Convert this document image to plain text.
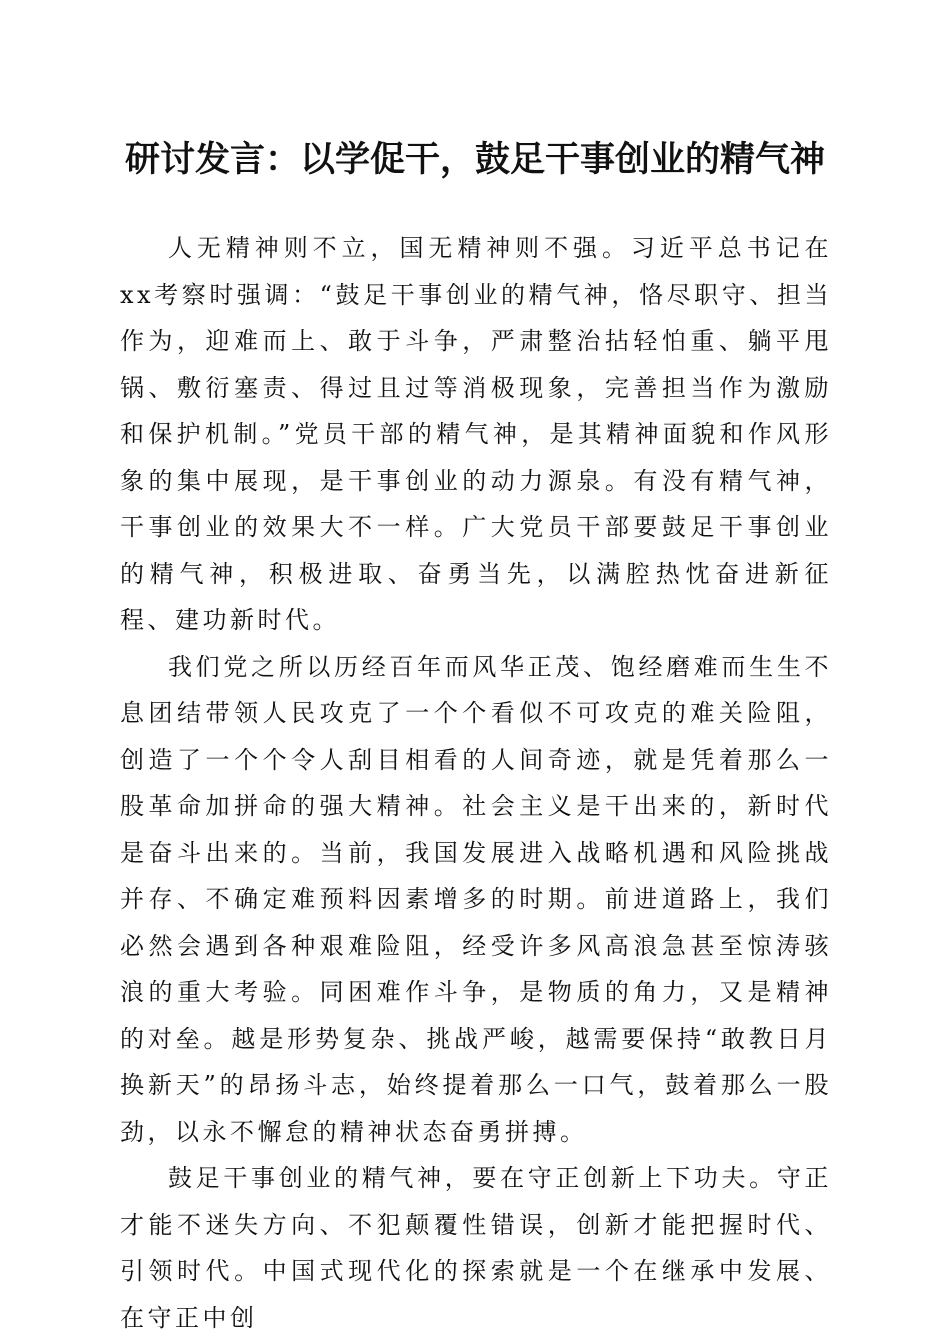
研讨发言：以学促干，鼓足干事创业的精气神

人无精神则不立，国无精神则不强。习近平总书记在xx考察时强调：“鼓足干事创业的精气神，恪尽职守、担当作为，迎难而上、敢于斗争，严肃整治拈轻怕重、躺平甩锅、敷衍塞责、得过且过等消极现象，完善担当作为激励和保护机制。”党员干部的精气神，是其精神面貌和作风形象的集中展现，是干事创业的动力源泉。有没有精气神，干事创业的效果大不一样。广大党员干部要鼓足干事创业的精气神，积极进取、奋勇当先，以满腔热忱奋进新征程、建功新时代。

我们党之所以历经百年而风华正茂、饱经磨难而生生不息团结带领人民攻克了一个个看似不可攻克的难关险阻，创造了一个个令人刮目相看的人间奇迹，就是凭着那么一股革命加拼命的强大精神。社会主义是干出来的，新时代是奋斗出来的。当前，我国发展进入战略机遇和风险挑战并存、不确定难预料因素增多的时期。前进道路上，我们必然会遇到各种艰难险阻，经受许多风高浪急甚至惊涛骇浪的重大考验。同困难作斗争，是物质的角力，又是精神的对垒。越是形势复杂、挑战严峻，越需要保持“敢教日月换新天”的昂扬斗志，始终提着那么一口气，鼓着那么一股劲，以永不懈怠的精神状态奋勇拼搏。

鼓足干事创业的精气神，要在守正创新上下功夫。守正才能不迷失方向、不犯颠覆性错误，创新才能把握时代、引领时代。中国式现代化的探索就是一个在继承中发展、在守正中创
